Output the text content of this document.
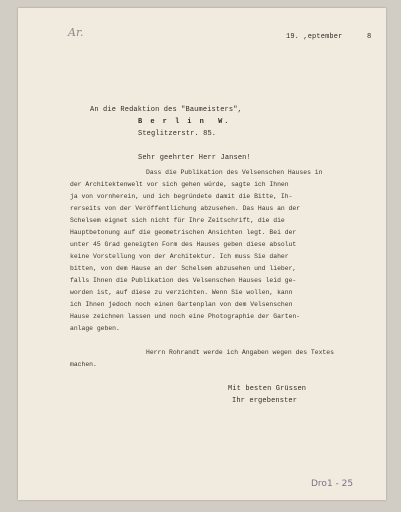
Ar.	19. ,eptember	8
An die Redaktion des "Baumeisters",
B e r l i n  W.
Steglitzerstr. 85.
Sehr geehrter Herr Jansen!
Dass die Publikation des Velsenschen Hauses in
der Architektenwelt vor sich gehen würde, sagte ich Ihnen
ja von vornherein, und ich begründete damit die Bitte, Ih-
rerseits von der Veröffentlichung abzusehen. Das Haus an der
Schelsem eignet sich nicht für Ihre Zeitschrift, die die
Hauptbetonung auf die geometrischen Ansichten legt. Bei der
unter 45 Grad geneigten Form des Hauses geben diese absolut
keine Vorstellung von der Architektur. Ich muss Sie daher
bitten, von dem Hause an der Schelsem abzusehen und lieber,
falls Ihnen die Publikation des Velsenschen Hauses leid ge-
worden ist, auf diese zu verzichten. Wenn Sie wollen, kann
ich Ihnen jedoch noch einen Gartenplan von dem Velsenschen
Hause zeichnen lassen und noch eine Photographie der Garten-
anlage geben.
Herrn Rohrandt werde ich Angaben wegen des Textes
machen.
Mit besten Grüssen
Ihr ergebenster
Dro1 - 25
